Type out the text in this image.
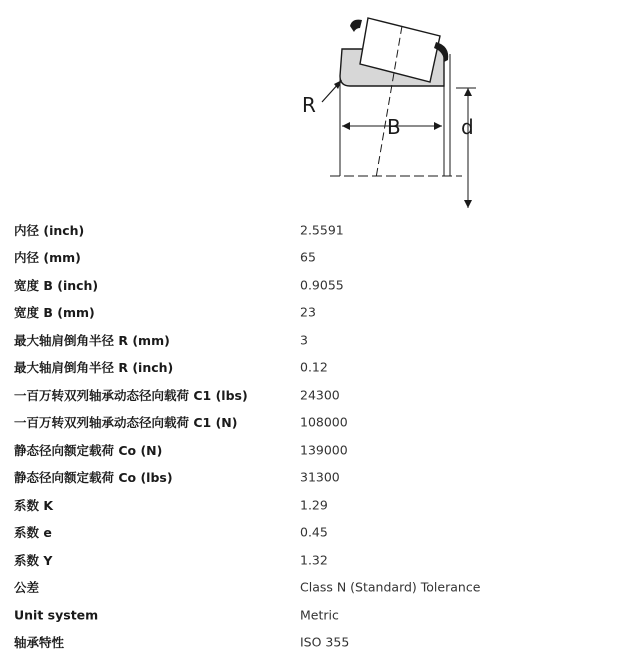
R
B	d
内径 (inch)	2.5591
内径 (mm)	65
宽度 B (inch)	0.9055
宽度 B (mm)	23
最大轴肩倒角半径 R (mm)	3
最大轴肩倒角半径 R (inch)	0.12
一百万转双列轴承动态径向载荷 C1 (lbs)	24300
一百万转双列轴承动态径向载荷 C1 (N)	108000
静态径向额定载荷 Co (N)	139000
静态径向额定载荷 Co (lbs)	31300
系数 K	1.29
系数 e	0.45
系数 Y	1.32
公差	Class N (Standard) Tolerance
Unit system	Metric
轴承特性	ISO 355
